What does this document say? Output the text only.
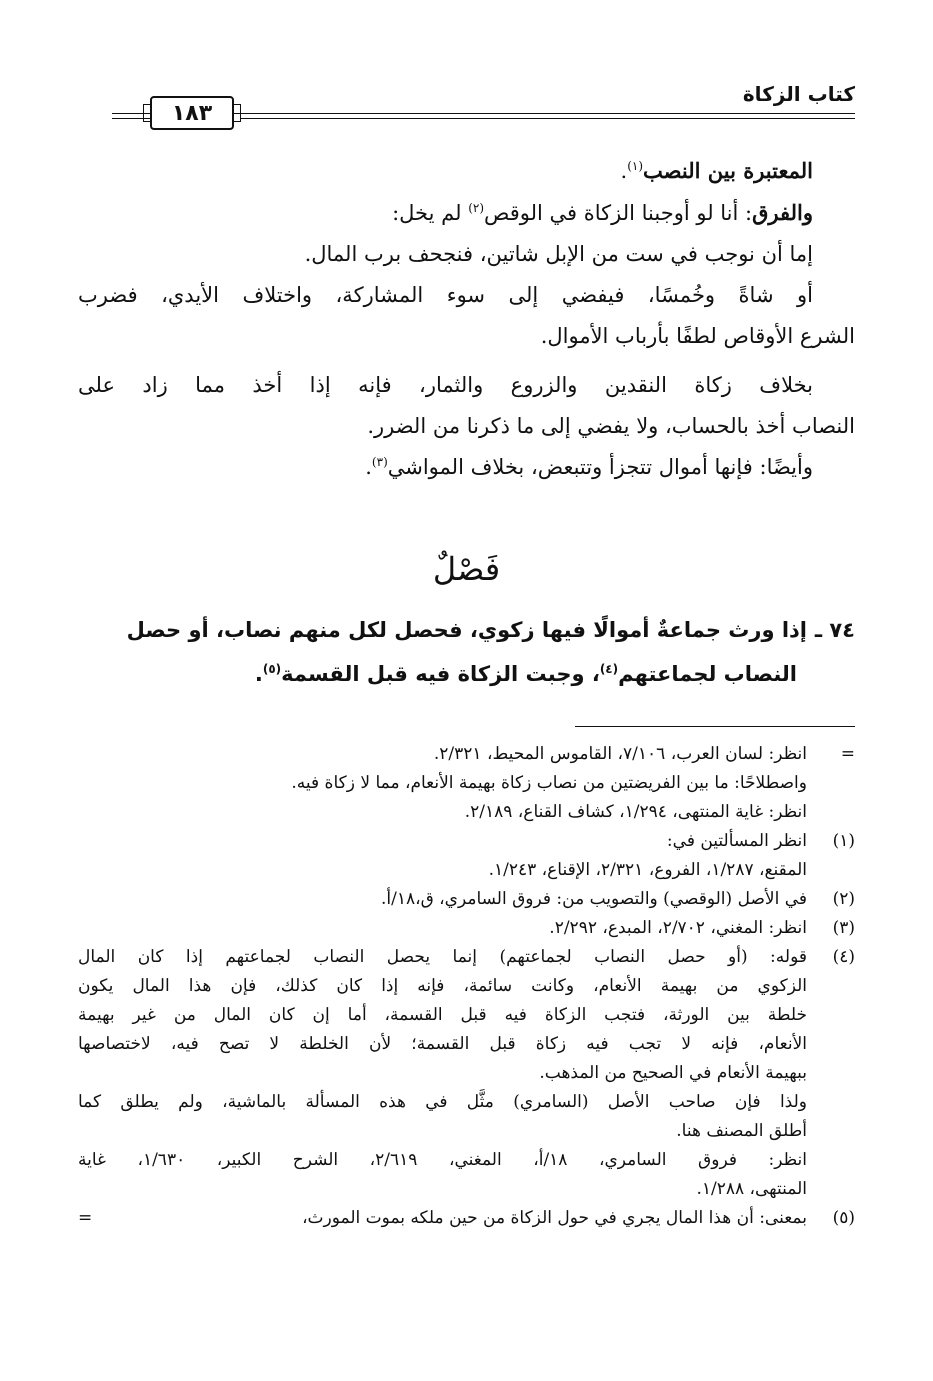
كتاب الزكاة
١٨٣

المعتبرة بين النصب$^{(١)}$.

والفرق: أنا لو أوجبنا الزكاة في الوقص$^{(٢)}$ لم يخل:

إما أن نوجب في ست من الإبل شاتين، فنجحف برب المال.

أو شاةً وخُمسًا، فيفضي إلى سوء المشاركة، واختلاف الأيدي، فضرب

الشرع الأوقاص لطفًا بأرباب الأموال.

بخلاف زكاة النقدين والزروع والثمار، فإنه إذا أخذ مما زاد على

النصاب أخذ بالحساب، ولا يفضي إلى ما ذكرنا من الضرر.

وأيضًا: فإنها أموال تتجزأ وتتبعض، بخلاف المواشي$^{(٣)}$.

فَصْلٌ
٧٤ ـإذا ورث جماعةٌ أموالًا فيها زكوي، فحصل لكل منهم نصاب، أو حصل
النصاب لجماعتهم$^{(٤)}$، وجبت الزكاة فيه قبل القسمة$^{(٥)}$.
=

انظر: لسان العرب، ٧/١٠٦، القاموس المحيط، ٢/٣٢١.

واصطلاحًا: ما بين الفريضتين من نصاب زكاة بهيمة الأنعام، مما لا زكاة فيه.

انظر: غاية المنتهى، ١/٢٩٤، كشاف القناع، ٢/١٨٩.

(١)

انظر المسألتين في:

المقنع، ١/٢٨٧، الفروع، ٢/٣٢١، الإقناع، ١/٢٤٣.

(٢)

في الأصل (الوقصي) والتصويب من: فروق السامري، ق،١٨/أ.

(٣)

انظر: المغني، ٢/٧٠٢، المبدع، ٢/٢٩٢.

(٤)

قوله: (أو حصل النصاب لجماعتهم) إنما يحصل النصاب لجماعتهم إذا كان المال

الزكوي من بهيمة الأنعام، وكانت سائمة، فإنه إذا كان كذلك، فإن هذا المال يكون

خلطة بين الورثة، فتجب الزكاة فيه قبل القسمة، أما إن كان المال من غير بهيمة

الأنعام، فإنه لا تجب فيه زكاة قبل القسمة؛ لأن الخلطة لا تصح فيه، لاختصاصها

ببهيمة الأنعام في الصحيح من المذهب.

ولذا فإن صاحب الأصل (السامري) مثَّل في هذه المسألة بالماشية، ولم يطلق كما

أطلق المصنف هنا.

انظر: فروق السامري، ١٨/أ، المغني، ٢/٦١٩، الشرح الكبير، ١/٦٣٠، غاية

المنتهى، ١/٢٨٨.

(٥)

بمعنى: أن هذا المال يجري في حول الزكاة من حين ملكه بموت المورث،
=
